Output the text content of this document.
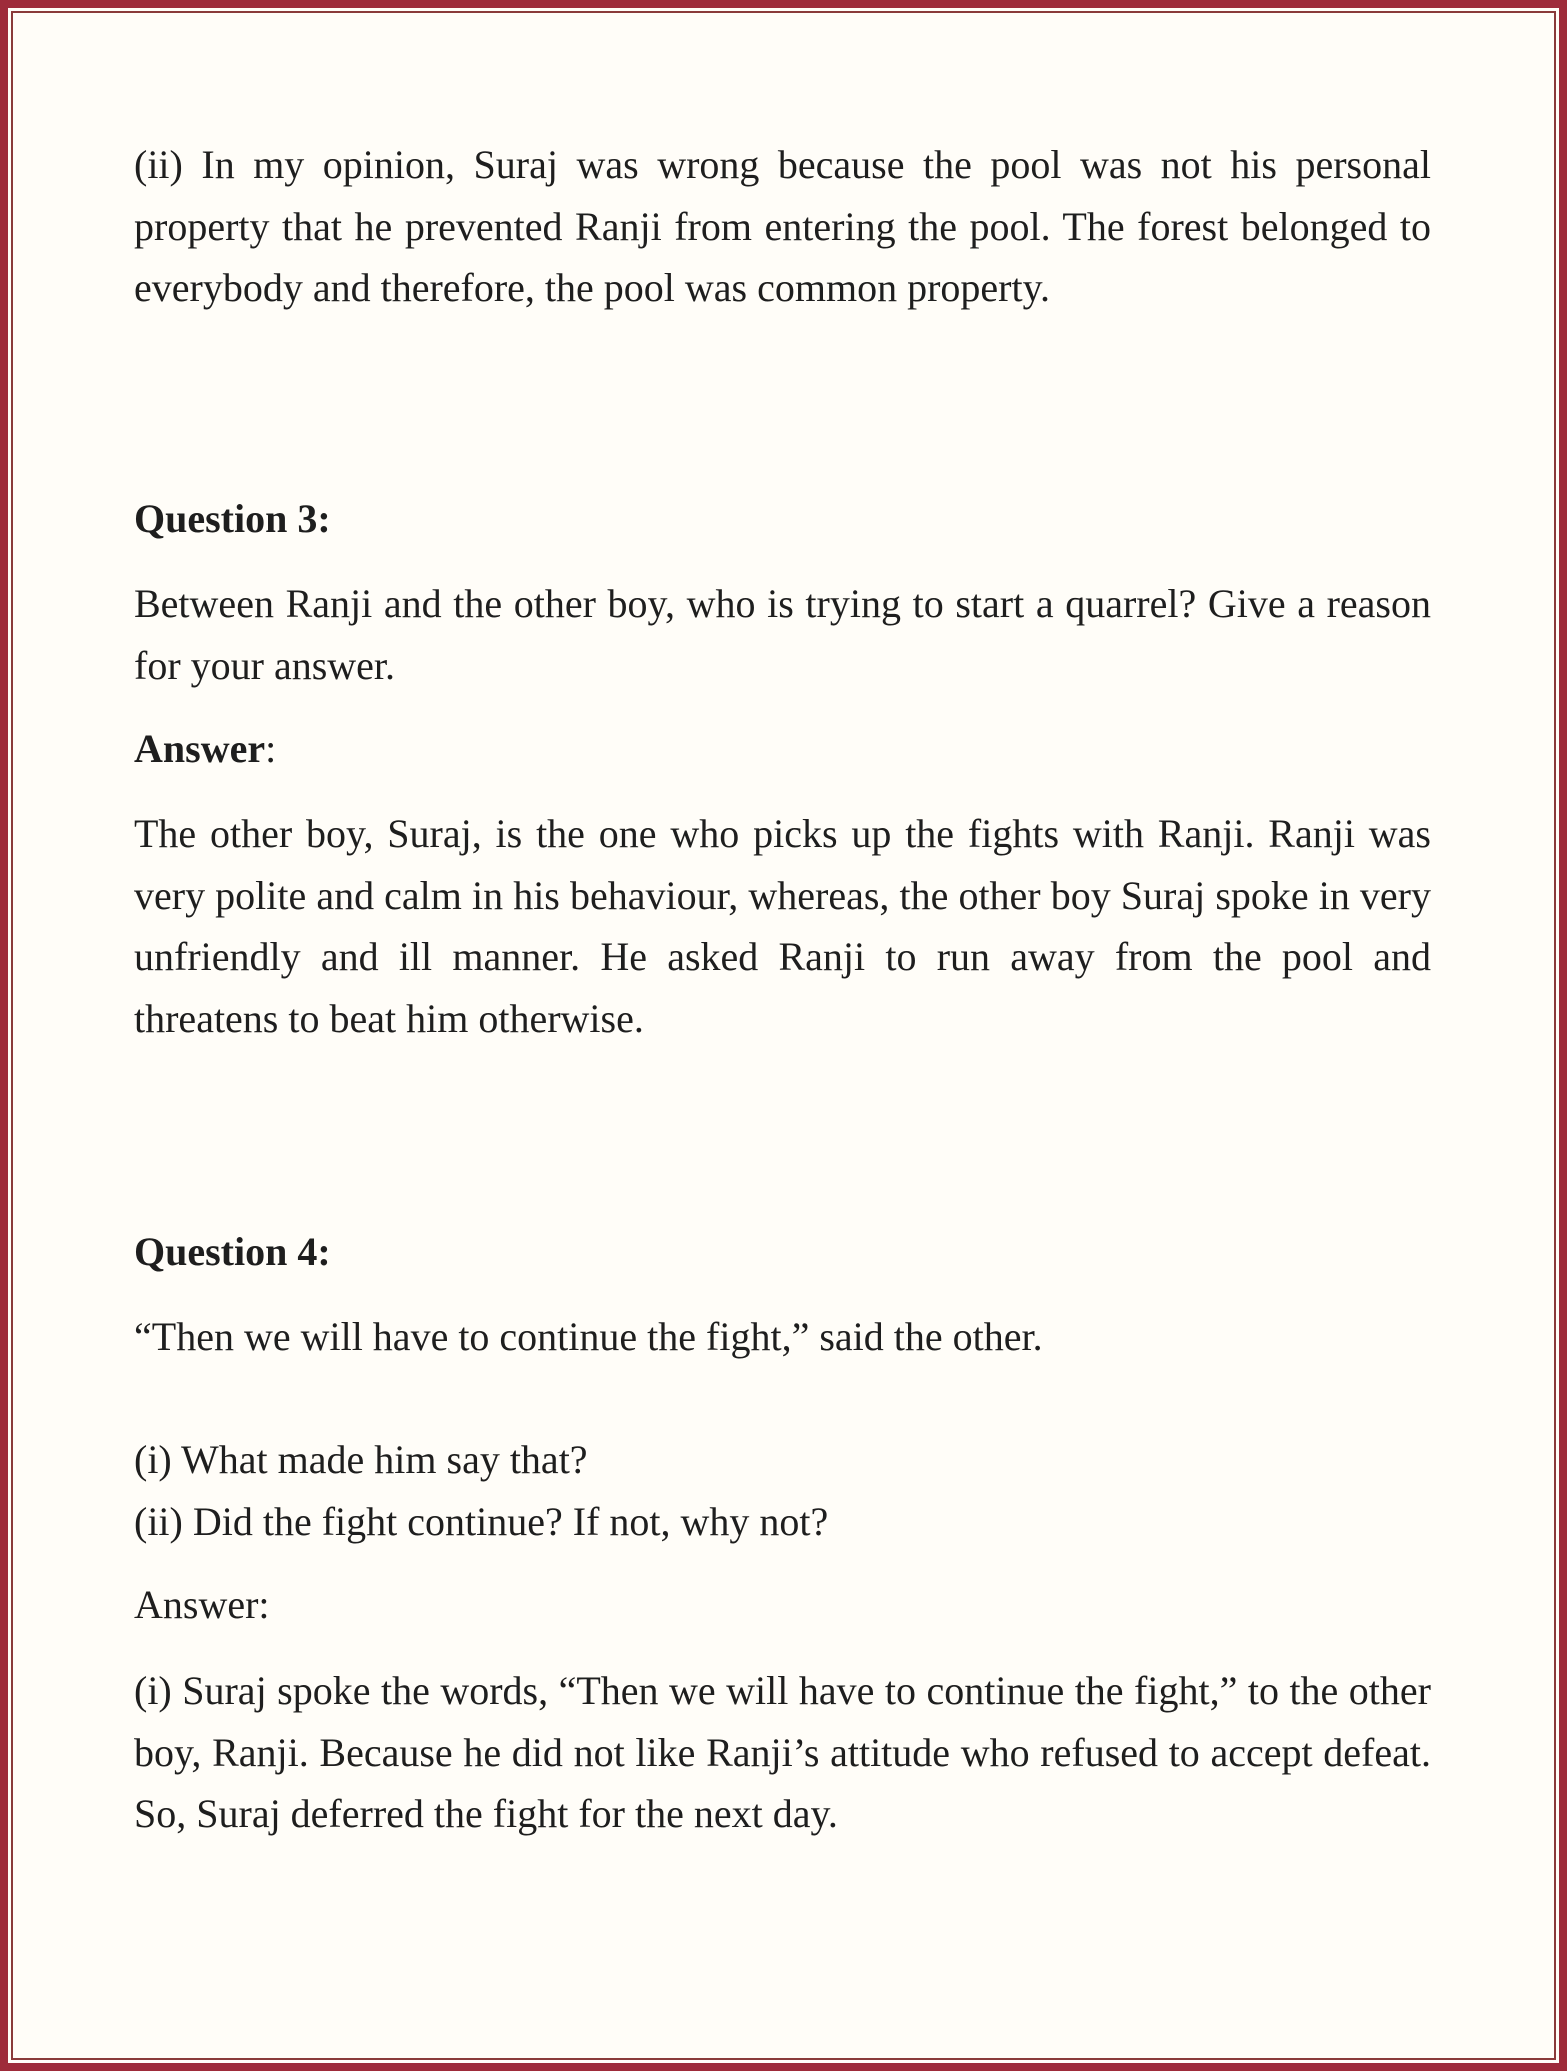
(ii) In my opinion, Suraj was wrong because the pool was not his personal property that he prevented Ranji from entering the pool. The forest belonged to everybody and therefore, the pool was common property.
Question 3:
Between Ranji and the other boy, who is trying to start a quarrel? Give a reason for your answer.
Answer:
The other boy, Suraj, is the one who picks up the fights with Ranji. Ranji was very polite and calm in his behaviour, whereas, the other boy Suraj spoke in very unfriendly and ill manner. He asked Ranji to run away from the pool and threatens to beat him otherwise.
Question 4:
“Then we will have to continue the fight,” said the other.
(i) What made him say that?
(ii) Did the fight continue? If not, why not?
Answer:
(i) Suraj spoke the words, “Then we will have to continue the fight,” to the other boy, Ranji. Because he did not like Ranji’s attitude who refused to accept defeat. So, Suraj deferred the fight for the next day.
